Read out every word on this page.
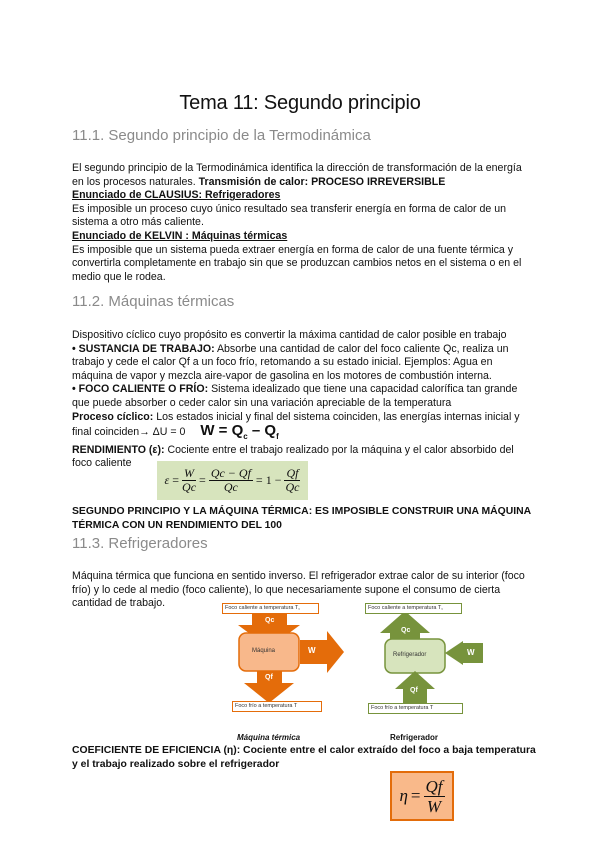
Tema 11: Segundo principio
11.1. Segundo principio de la Termodinámica
El segundo principio de la Termodinámica identifica la dirección de transformación de la energía en los procesos naturales. Transmisión de calor: PROCESO IRREVERSIBLE
Enunciado de CLAUSIUS: Refrigeradores
Es imposible un proceso cuyo único resultado sea transferir energía en forma de calor de un sistema a otro más caliente.
Enunciado de KELVIN : Máquinas térmicas
Es imposible que un sistema pueda extraer energía en forma de calor de una fuente térmica y convertirla completamente en trabajo sin que se produzcan cambios netos en el sistema o en el medio que le rodea.
11.2. Máquinas térmicas
Dispositivo cíclico cuyo propósito es convertir la máxima cantidad de calor posible en trabajo
• SUSTANCIA DE TRABAJO: Absorbe una cantidad de calor del foco caliente Qc, realiza un trabajo y cede el calor Qf a un foco frío, retomando a su estado inicial. Ejemplos: Agua en máquina de vapor y mezcla aire-vapor de gasolina en los motores de combustión interna.
• FOCO CALIENTE O FRÍO: Sistema idealizado que tiene una capacidad calorífica tan grande que puede absorber o ceder calor sin una variación apreciable de la temperatura
Proceso cíclico: Los estados inicial y final del sistema coinciden, las energías internas inicial y final coinciden→ ΔU = 0 $W = Q_c - Q_f$
RENDIMIENTO (ε): Cociente entre el trabajo realizado por la máquina y el calor absorbido del foco caliente
$\varepsilon = \frac{W}{Qc} = \frac{Qc - Qf}{Qc} = 1 - \frac{Qf}{Qc}$
SEGUNDO PRINCIPIO Y LA MÁQUINA TÉRMICA: ES IMPOSIBLE CONSTRUIR UNA MÁQUINA TÉRMICA CON UN RENDIMIENTO DEL 100
11.3. Refrigeradores
Máquina térmica que funciona en sentido inverso. El refrigerador extrae calor de su interior (foco frío) y lo cede al medio (foco caliente), lo que necesariamente supone el consumo de cierta cantidad de trabajo.	Foco caliente a temperatura T꜀
Qc
Máquina	W
Qf
Foco frío a temperatura T
Máquina térmica
Foco caliente a temperatura T꜀
Qc
Refrigerador	W
Qf
Foco frío a temperatura T
Refrigerador
COEFICIENTE DE EFICIENCIA (η): Cociente entre el calor extraído del foco a baja temperatura y el trabajo realizado sobre el refrigerador
$\eta = \frac{Qf}{W}$
